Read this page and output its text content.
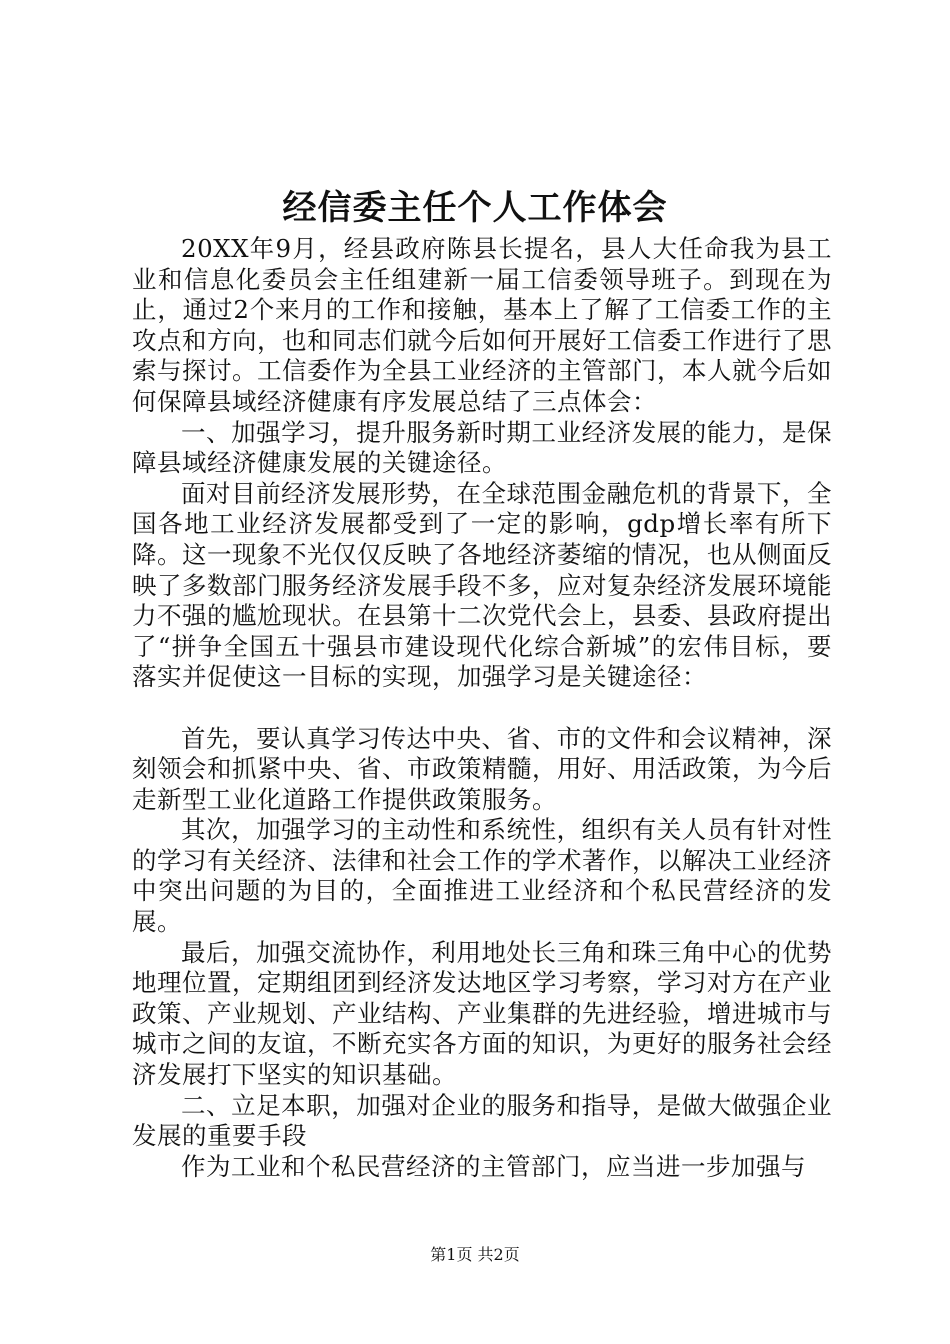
经信委主任个人工作体会

20XX年9月，经县政府陈县长提名，县人大任命我为县工业和信息化委员会主任组建新一届工信委领导班子。到现在为止，通过2个来月的工作和接触，基本上了解了工信委工作的主攻点和方向，也和同志们就今后如何开展好工信委工作进行了思索与探讨。工信委作为全县工业经济的主管部门，本人就今后如何保障县域经济健康有序发展总结了三点体会：

一、加强学习，提升服务新时期工业经济发展的能力，是保障县域经济健康发展的关键途径。

面对目前经济发展形势，在全球范围金融危机的背景下，全国各地工业经济发展都受到了一定的影响，gdp增长率有所下降。这一现象不光仅仅反映了各地经济萎缩的情况，也从侧面反映了多数部门服务经济发展手段不多，应对复杂经济发展环境能力不强的尴尬现状。在县第十二次党代会上，县委、县政府提出了“拼争全国五十强县市建设现代化综合新城”的宏伟目标，要落实并促使这一目标的实现，加强学习是关键途径：

首先，要认真学习传达中央、省、市的文件和会议精神，深刻领会和抓紧中央、省、市政策精髓，用好、用活政策，为今后走新型工业化道路工作提供政策服务。

其次，加强学习的主动性和系统性，组织有关人员有针对性的学习有关经济、法律和社会工作的学术著作，以解决工业经济中突出问题的为目的，全面推进工业经济和个私民营经济的发展。

最后，加强交流协作，利用地处长三角和珠三角中心的优势地理位置，定期组团到经济发达地区学习考察，学习对方在产业政策、产业规划、产业结构、产业集群的先进经验，增进城市与城市之间的友谊，不断充实各方面的知识，为更好的服务社会经济发展打下坚实的知识基础。

二、立足本职，加强对企业的服务和指导，是做大做强企业发展的重要手段

作为工业和个私民营经济的主管部门，应当进一步加强与

第1页 共2页
